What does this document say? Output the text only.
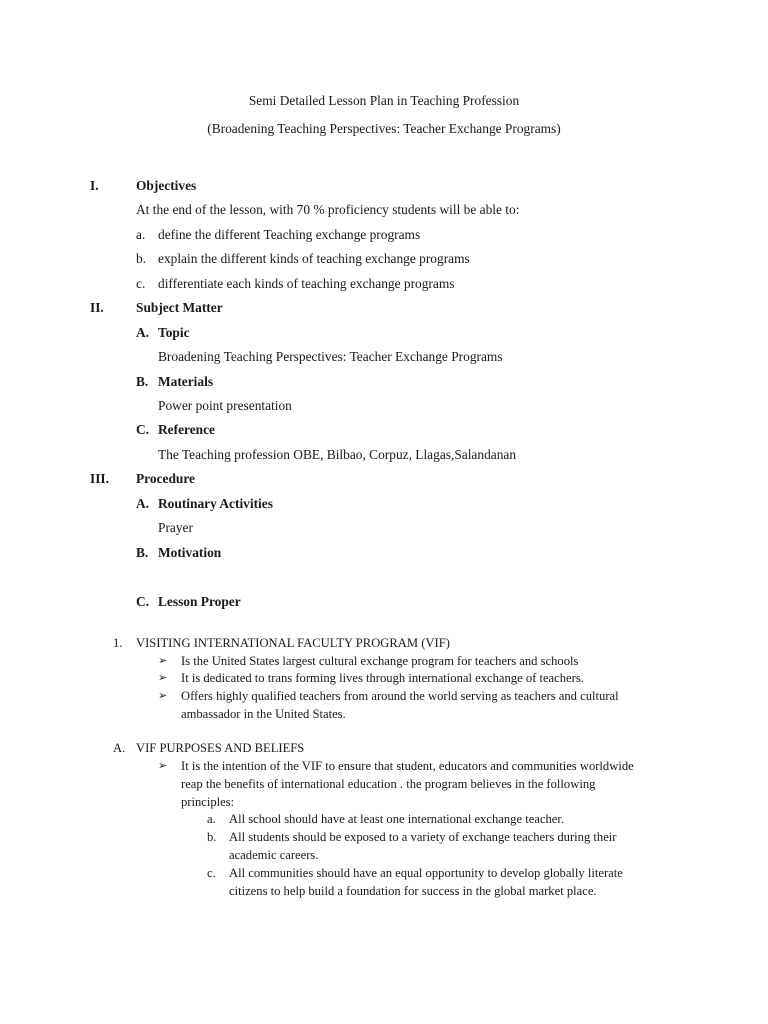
Semi Detailed Lesson Plan in Teaching Profession
(Broadening Teaching Perspectives: Teacher Exchange Programs)
I.	Objectives
At the end of the lesson, with 70 % proficiency students will be able to:
a. define the different Teaching exchange programs
b. explain the different kinds of teaching exchange programs
c. differentiate each kinds of teaching exchange programs
II. Subject Matter
A. Topic
Broadening Teaching Perspectives: Teacher Exchange Programs
B. Materials
Power point presentation
C. Reference
The Teaching profession OBE, Bilbao, Corpuz, Llagas,Salandanan
III. Procedure
A. Routinary Activities
Prayer
B. Motivation
C. Lesson Proper
1. VISITING INTERNATIONAL FACULTY PROGRAM (VIF)
➢ Is the United States largest cultural exchange program for teachers and schools
➢ It is dedicated to trans forming lives through international exchange of teachers.
➢ Offers highly qualified teachers from around the world serving as teachers and cultural
ambassador in the United States.
A. VIF PURPOSES AND BELIEFS
➢ It is the intention of the VIF to ensure that student, educators and communities worldwide
reap the benefits of international education . the program believes in the following
principles:
a. All school should have at least one international exchange teacher.
b. All students should be exposed to a variety of exchange teachers during their
academic careers.
c. All communities should have an equal opportunity to develop globally literate
citizens to help build a foundation for success in the global market place.
